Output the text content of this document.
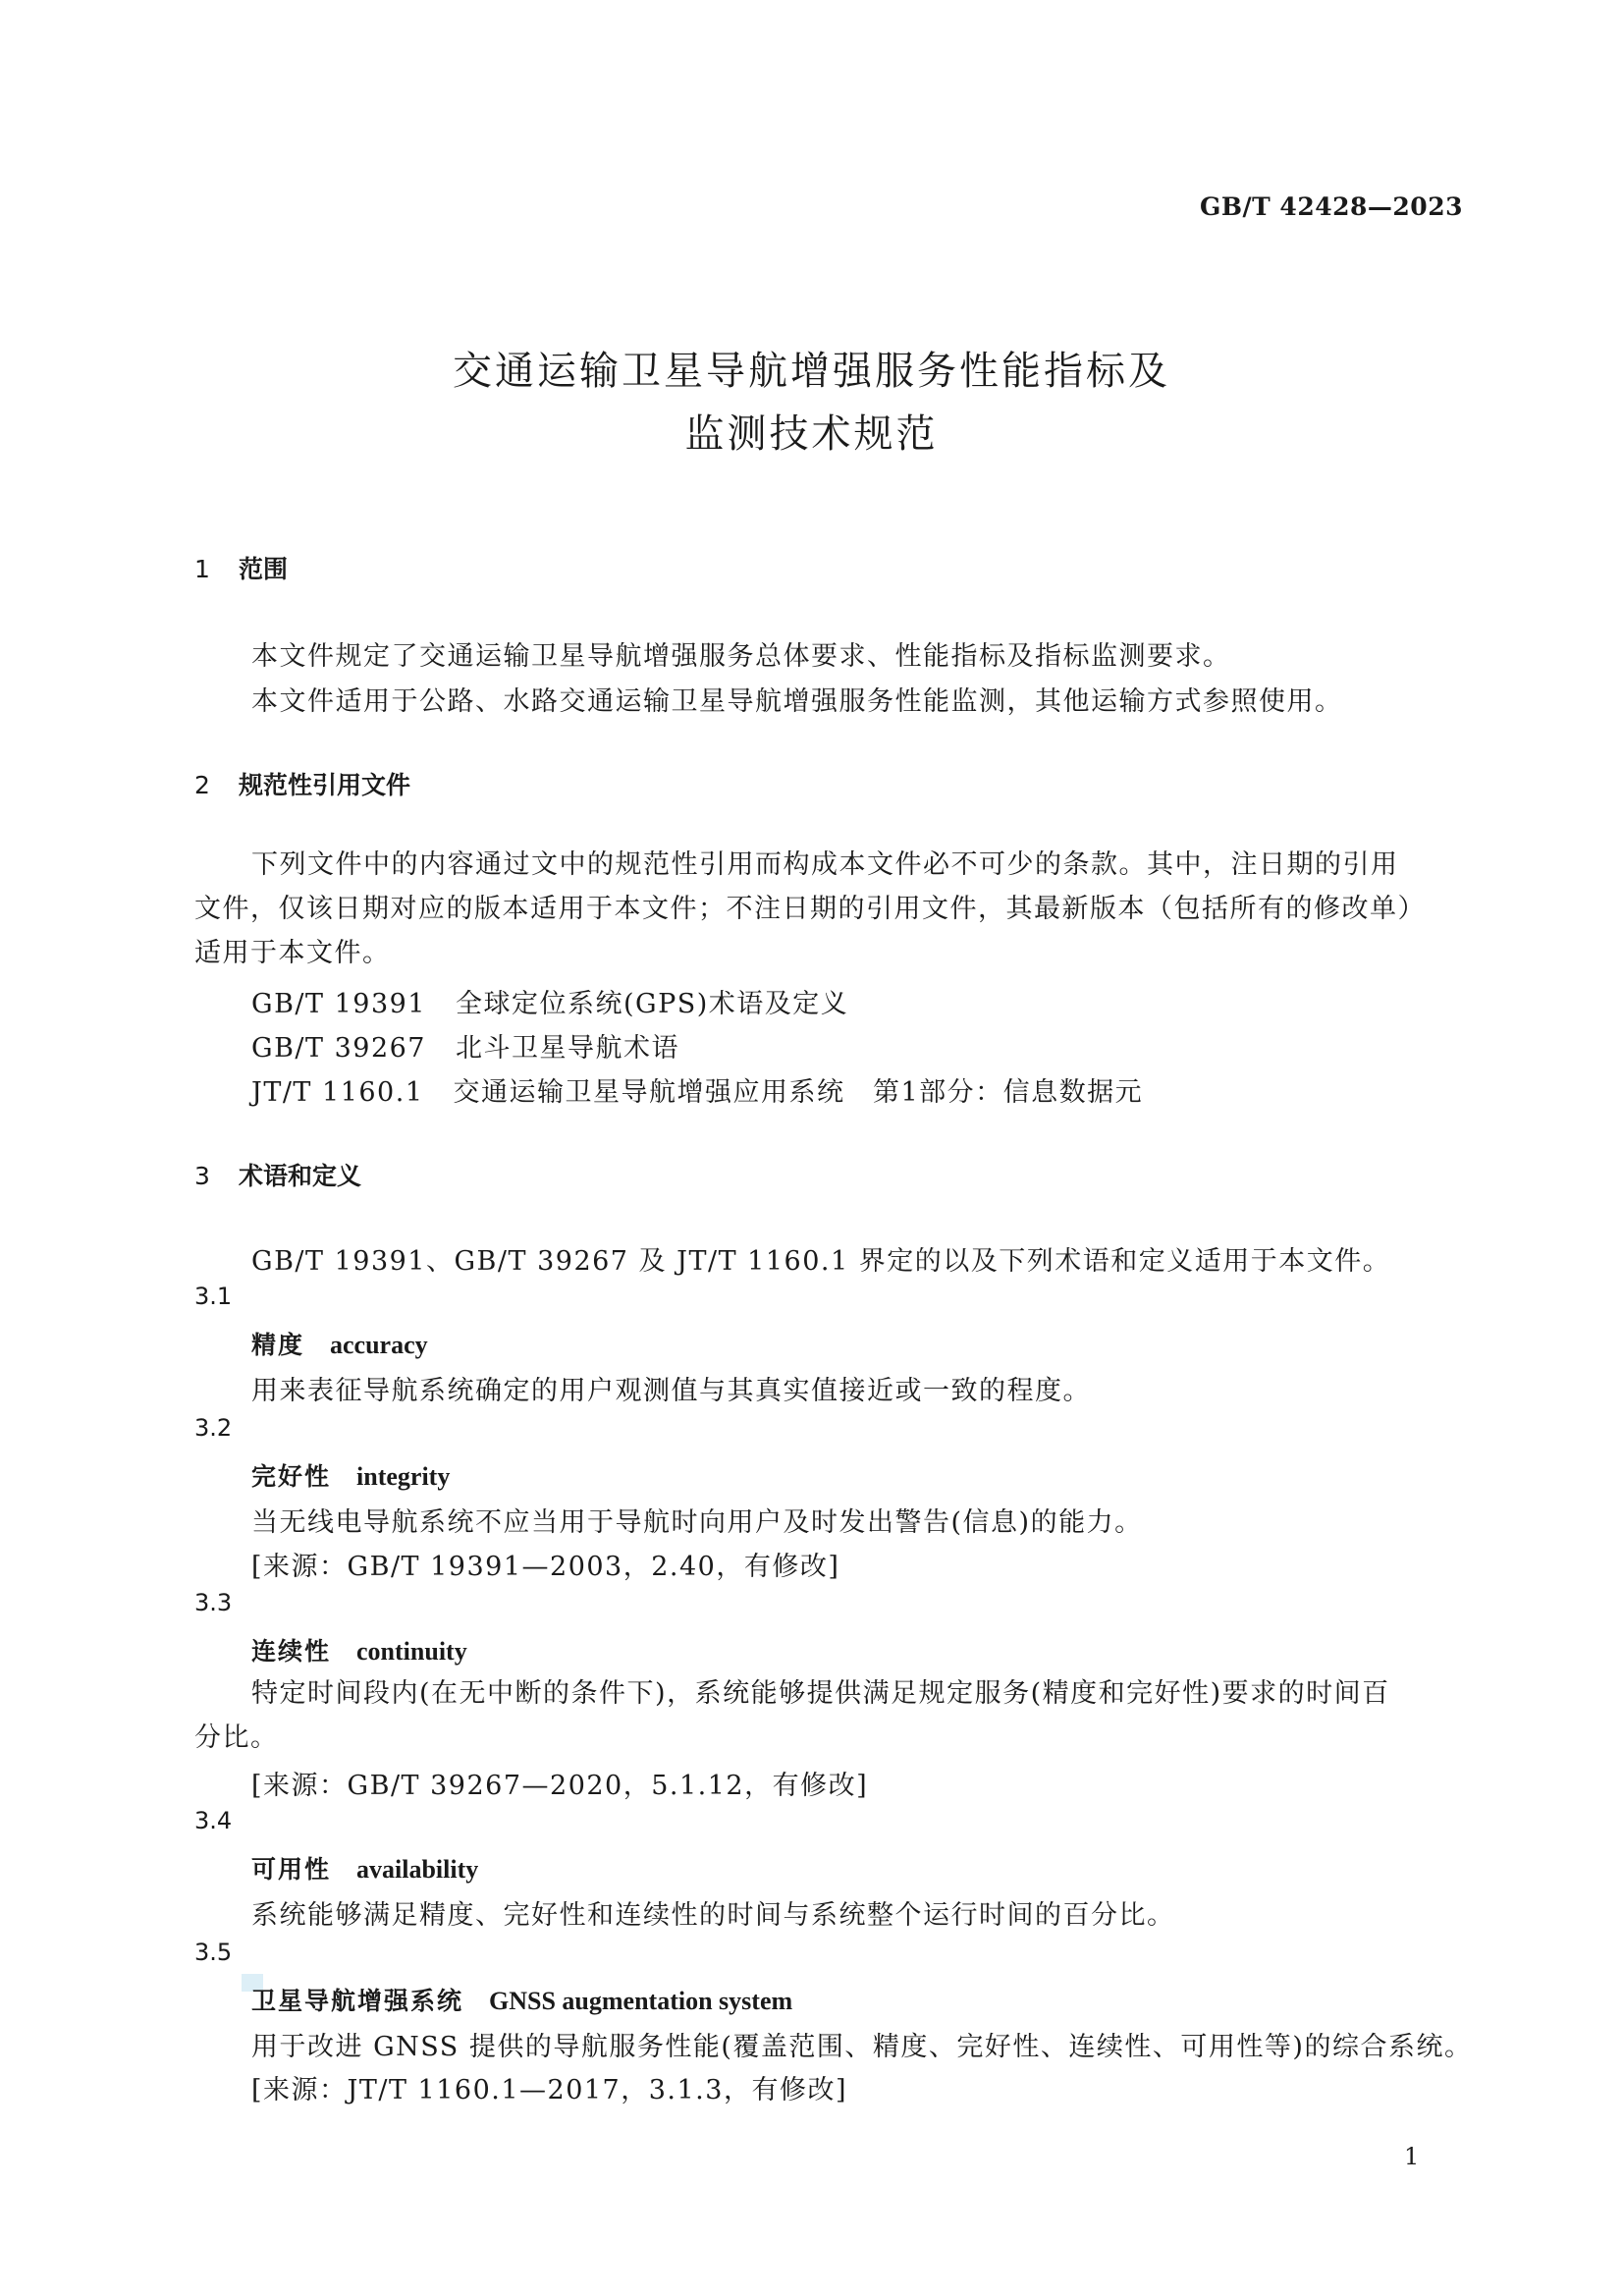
GB/T 42428—2023
交通运输卫星导航增强服务性能指标及
监测技术规范
1 范围
本文件规定了交通运输卫星导航增强服务总体要求、性能指标及指标监测要求。
本文件适用于公路、水路交通运输卫星导航增强服务性能监测，其他运输方式参照使用。
2 规范性引用文件
下列文件中的内容通过文中的规范性引用而构成本文件必不可少的条款。其中，注日期的引用文件，仅该日期对应的版本适用于本文件；不注日期的引用文件，其最新版本（包括所有的修改单）适用于本文件。
GB/T 19391 全球定位系统(GPS)术语及定义
GB/T 39267 北斗卫星导航术语
JT/T 1160.1 交通运输卫星导航增强应用系统　第1部分：信息数据元
3 术语和定义
GB/T 19391、GB/T 39267 及 JT/T 1160.1 界定的以及下列术语和定义适用于本文件。
3.1
精度 accuracy
用来表征导航系统确定的用户观测值与其真实值接近或一致的程度。
3.2
完好性 integrity
当无线电导航系统不应当用于导航时向用户及时发出警告(信息)的能力。
[来源：GB/T 19391—2003，2.40，有修改]
3.3
连续性 continuity
特定时间段内(在无中断的条件下)，系统能够提供满足规定服务(精度和完好性)要求的时间百分比。
[来源：GB/T 39267—2020，5.1.12，有修改]
3.4
可用性 availability
系统能够满足精度、完好性和连续性的时间与系统整个运行时间的百分比。
3.5
卫星导航增强系统 GNSS augmentation system
用于改进 GNSS 提供的导航服务性能(覆盖范围、精度、完好性、连续性、可用性等)的综合系统。
[来源：JT/T 1160.1—2017，3.1.3，有修改]
1
